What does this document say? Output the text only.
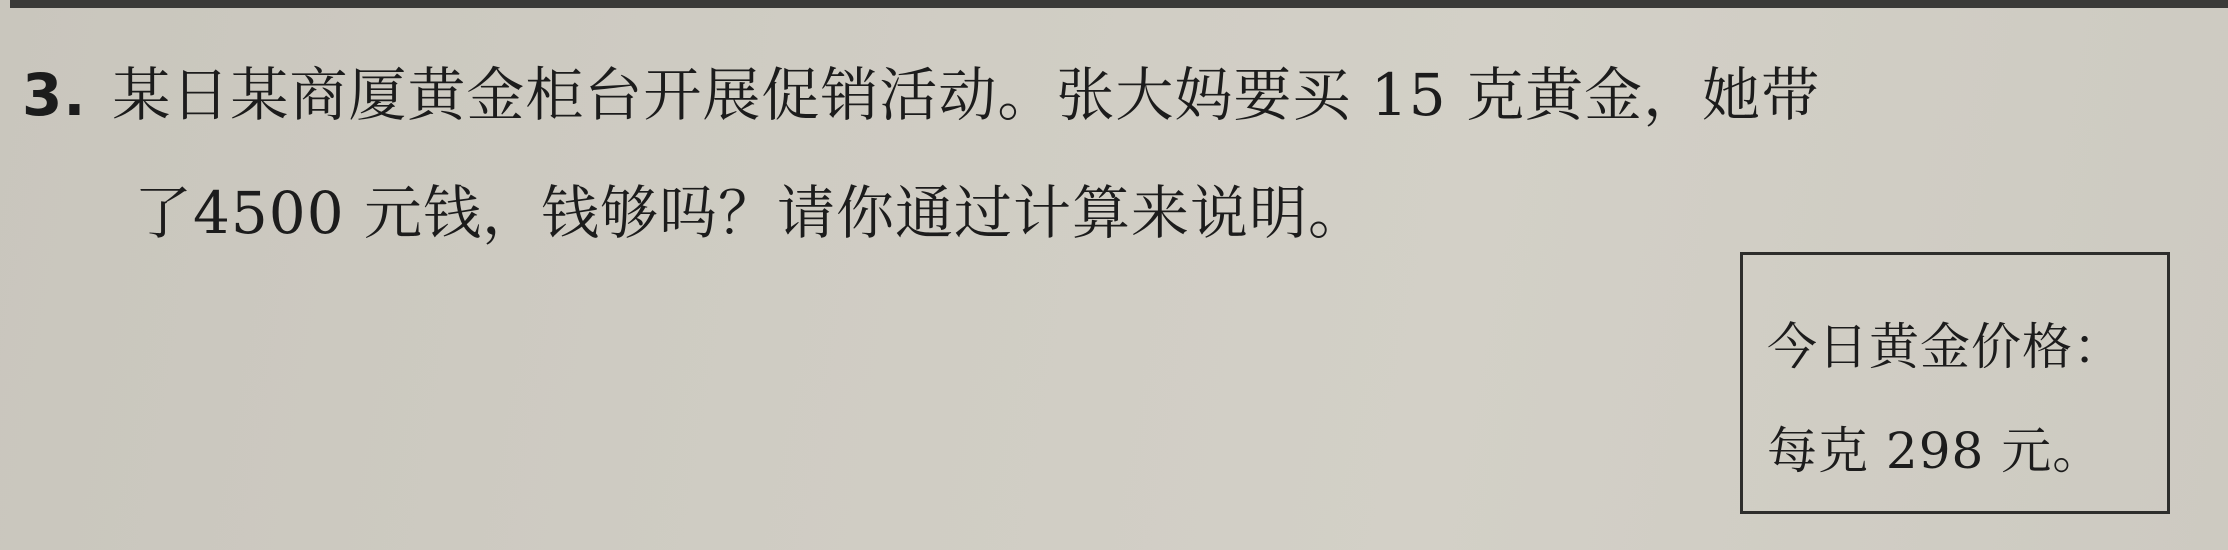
3. 某日某商厦黄金柜台开展促销活动。张大妈要买 15 克黄金，她带
了4500 元钱，钱够吗？请你通过计算来说明。
今日黄金价格：
每克 298 元。
